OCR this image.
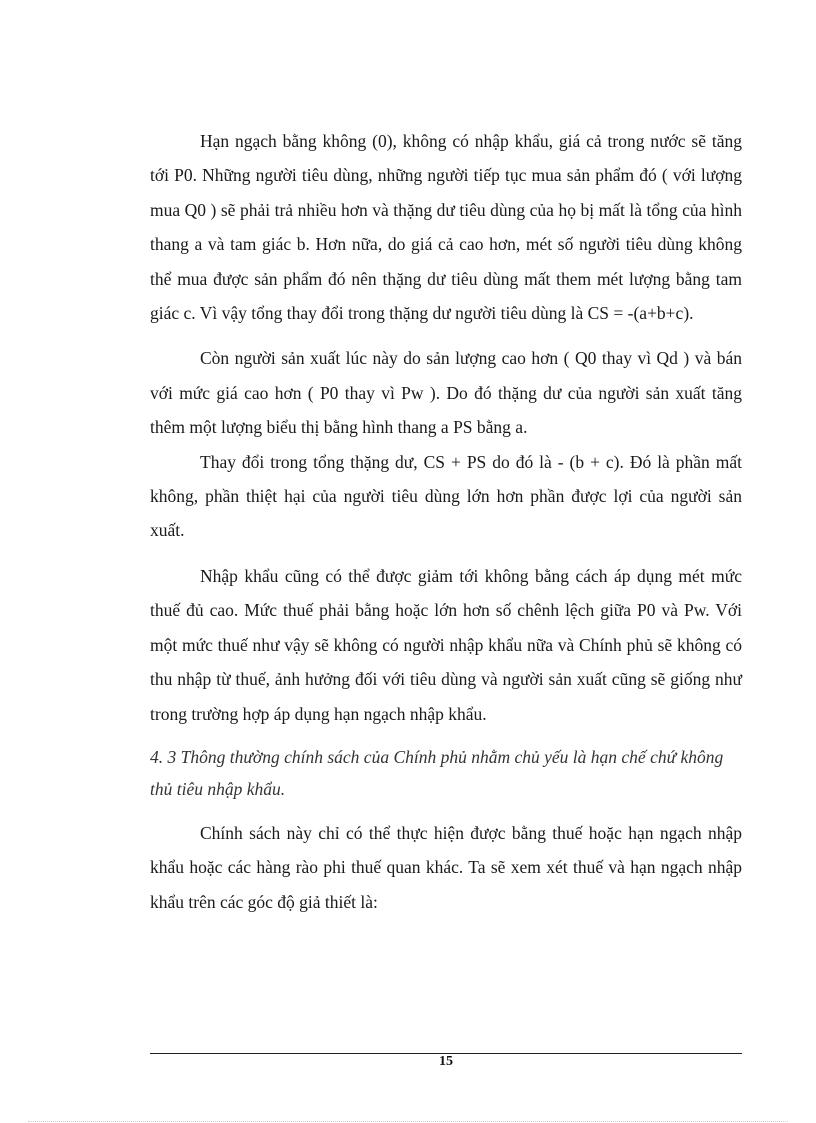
Hạn ngạch bằng không (0), không có nhập khẩu, giá cả trong nước sẽ tăng tới P0. Những người tiêu dùng, những người tiếp tục mua sản phẩm đó ( với lượng mua Q0 ) sẽ phải trả nhiều hơn và thặng dư tiêu dùng của họ bị mất là tổng của hình thang a và tam giác b. Hơn nữa, do giá cả cao hơn, mét số người tiêu dùng không thể mua được sản phẩm đó nên thặng dư tiêu dùng mất them mét lượng bằng tam giác c. Vì vậy tổng thay đổi trong thặng dư người tiêu dùng là CS = -(a+b+c).

Còn người sản xuất lúc này do sản lượng cao hơn ( Q0 thay vì Qd ) và bán với mức giá cao hơn ( P0 thay vì Pw ). Do đó thặng dư của người sản xuất tăng thêm một lượng biểu thị bằng hình thang a PS bằng a.

Thay đổi trong tổng thặng dư, CS + PS do đó là - (b + c). Đó là phần mất không, phần thiệt hại của người tiêu dùng lớn hơn phần được lợi của người sản xuất.

Nhập khẩu cũng có thể được giảm tới không bằng cách áp dụng mét mức thuế đủ cao. Mức thuế phải bằng hoặc lớn hơn số chênh lệch giữa P0 và Pw. Với một mức thuế như vậy sẽ không có người nhập khẩu nữa và Chính phủ sẽ không có thu nhập từ thuế, ảnh hưởng đối với tiêu dùng và người sản xuất cũng sẽ giống như trong trường hợp áp dụng hạn ngạch nhập khẩu.

4. 3 Thông thường chính sách của Chính phủ nhằm chủ yếu là hạn chế chứ không thủ tiêu nhập khẩu.

Chính sách này chỉ có thể thực hiện được bằng thuế hoặc hạn ngạch nhập khẩu hoặc các hàng rào phi thuế quan khác. Ta sẽ xem xét thuế và hạn ngạch nhập khẩu trên các góc độ giả thiết là:

15
